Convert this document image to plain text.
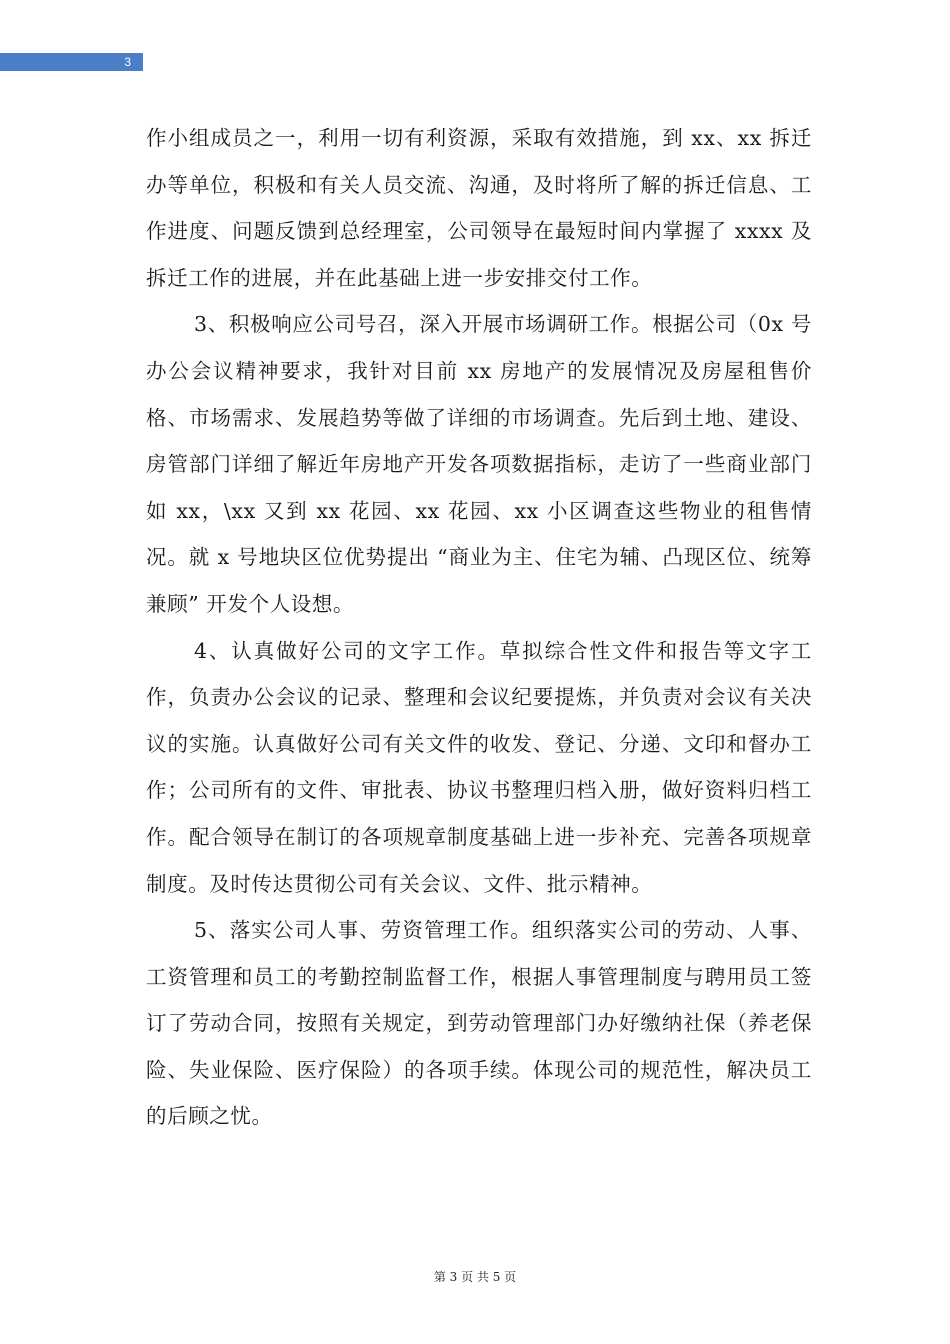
3

作小组成员之一，利用一切有利资源，采取有效措施，到 xx、xx 拆迁办等单位，积极和有关人员交流、沟通，及时将所了解的拆迁信息、工作进度、问题反馈到总经理室，公司领导在最短时间内掌握了 xxxx 及拆迁工作的进展，并在此基础上进一步安排交付工作。

3、积极响应公司号召，深入开展市场调研工作。根据公司（0x 号办公会议精神要求，我针对目前 xx 房地产的发展情况及房屋租售价格、市场需求、发展趋势等做了详细的市场调查。先后到土地、建设、房管部门详细了解近年房地产开发各项数据指标，走访了一些商业部门如 xx，\xx 又到 xx 花园、xx 花园、xx 小区调查这些物业的租售情况。就 x 号地块区位优势提出 “商业为主、住宅为辅、凸现区位、统筹兼顾” 开发个人设想。

4、认真做好公司的文字工作。草拟综合性文件和报告等文字工作，负责办公会议的记录、整理和会议纪要提炼，并负责对会议有关决议的实施。认真做好公司有关文件的收发、登记、分递、文印和督办工作；公司所有的文件、审批表、协议书整理归档入册，做好资料归档工作。配合领导在制订的各项规章制度基础上进一步补充、完善各项规章制度。及时传达贯彻公司有关会议、文件、批示精神。

5、落实公司人事、劳资管理工作。组织落实公司的劳动、人事、工资管理和员工的考勤控制监督工作，根据人事管理制度与聘用员工签订了劳动合同，按照有关规定，到劳动管理部门办好缴纳社保（养老保险、失业保险、医疗保险）的各项手续。体现公司的规范性，解决员工的后顾之忧。

第 3 页 共 5 页
